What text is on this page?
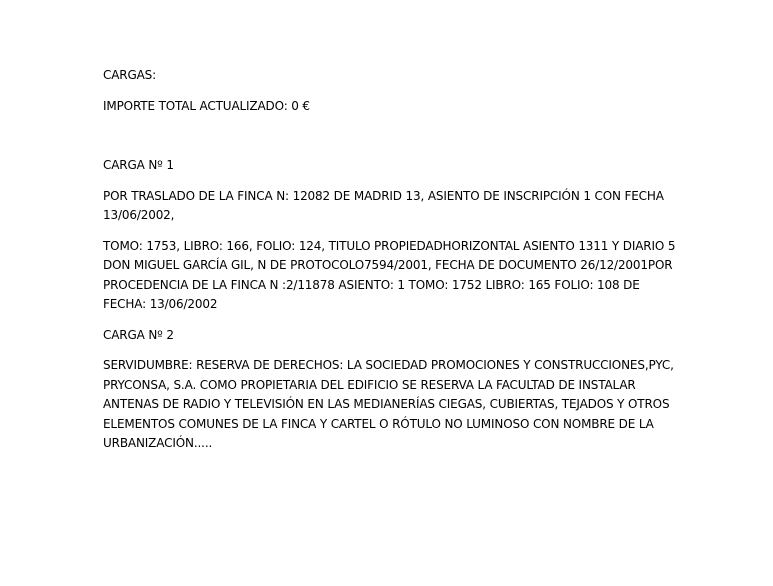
CARGAS:

IMPORTE TOTAL ACTUALIZADO: 0 €

CARGA Nº 1

POR TRASLADO DE LA FINCA N: 12082 DE MADRID 13, ASIENTO DE INSCRIPCIÓN 1 CON FECHA 13/06/2002,

TOMO: 1753, LIBRO: 166, FOLIO: 124, TITULO PROPIEDADHORIZONTAL ASIENTO 1311 Y DIARIO 5 DON MIGUEL GARCÍA GIL, N DE PROTOCOLO7594/2001, FECHA DE DOCUMENTO 26/12/2001POR PROCEDENCIA DE LA FINCA N :2/11878 ASIENTO: 1 TOMO: 1752 LIBRO: 165 FOLIO: 108 DE FECHA: 13/06/2002

CARGA Nº 2

SERVIDUMBRE: RESERVA DE DERECHOS: LA SOCIEDAD PROMOCIONES Y CONSTRUCCIONES,PYC, PRYCONSA, S.A. COMO PROPIETARIA DEL EDIFICIO SE RESERVA LA FACULTAD DE INSTALAR ANTENAS DE RADIO Y TELEVISIÓN EN LAS MEDIANERÍAS CIEGAS, CUBIERTAS, TEJADOS Y OTROS ELEMENTOS COMUNES DE LA FINCA Y CARTEL O RÓTULO NO LUMINOSO CON NOMBRE DE LA URBANIZACIÓN.....
